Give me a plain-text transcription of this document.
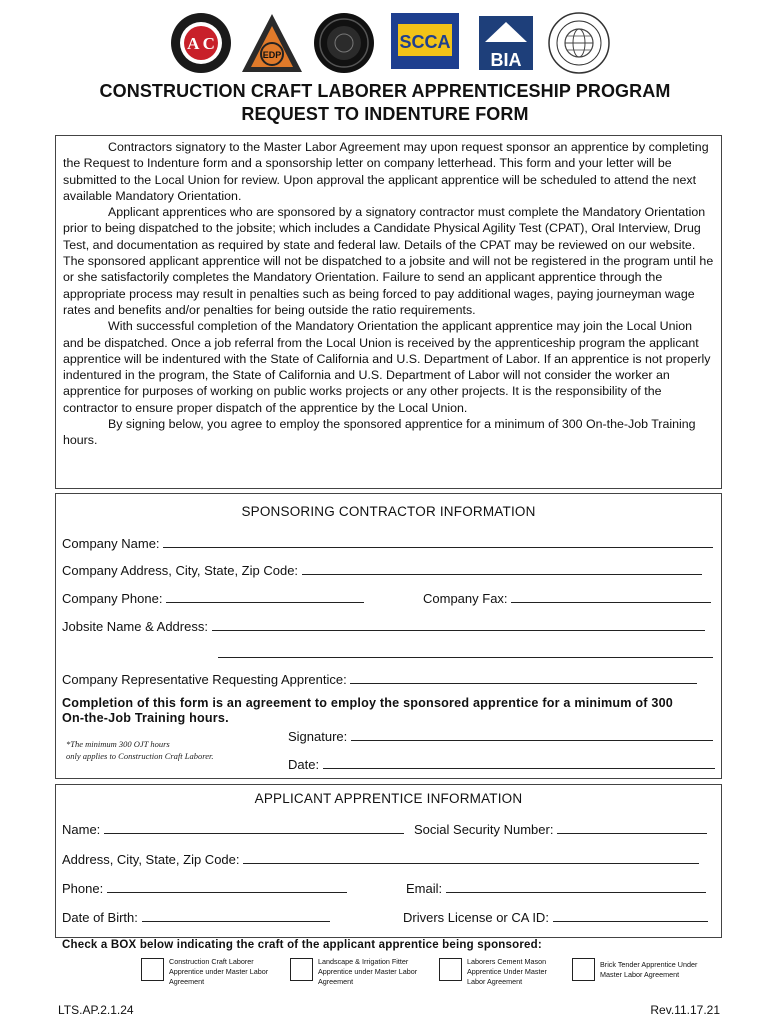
A C
EDP
SCCA
BIA
CONSTRUCTION CRAFT LABORER APPRENTICESHIP PROGRAM
REQUEST TO INDENTURE FORM

Contractors signatory to the Master Labor Agreement may upon request sponsor an apprentice by completing the Request to Indenture form and a sponsorship letter on company letterhead. This form and your letter will be submitted to the Local Union for review. Upon approval the applicant apprentice will be scheduled to attend the next available Mandatory Orientation.

Applicant apprentices who are sponsored by a signatory contractor must complete the Mandatory Orientation prior to being dispatched to the jobsite; which includes a Candidate Physical Agility Test (CPAT), Oral Interview, Drug Test, and documentation as required by state and federal law. Details of the CPAT may be reviewed on our website. The sponsored applicant apprentice will not be dispatched to a jobsite and will not be registered in the program until he or she satisfactorily completes the Mandatory Orientation. Failure to send an applicant apprentice through the appropriate process may result in penalties such as being forced to pay additional wages, paying journeyman wage rates and benefits and/or penalties for being outside the ratio requirements.

With successful completion of the Mandatory Orientation the applicant apprentice may join the Local Union and be dispatched. Once a job referral from the Local Union is received by the apprenticeship program the applicant apprentice will be indentured with the State of California and U.S. Department of Labor. If an apprentice is not properly indentured in the program, the State of California and U.S. Department of Labor will not consider the worker an apprentice for purposes of working on public works projects or any other projects. It is the responsibility of the contractor to ensure proper dispatch of the apprentice by the Local Union.

By signing below, you agree to employ the sponsored apprentice for a minimum of 300 On-the-Job Training hours.

SPONSORING CONTRACTOR INFORMATION
Company Name:
Company Address, City, State, Zip Code:
Company Phone:	Company Fax:
Jobsite Name & Address:
Company Representative Requesting Apprentice:
Completion of this form is an agreement to employ the sponsored apprentice for a minimum of 300
On-the-Job Training hours.
*The minimum 300 OJT hours
only applies to Construction Craft Laborer.
Signature:
Date:
APPLICANT APPRENTICE INFORMATION
Name:	Social Security Number:
Address, City, State, Zip Code:
Phone:	Email:
Date of Birth:	Drivers License or CA ID:
Check a BOX below indicating the craft of the applicant apprentice being sponsored:
Construction Craft Laborer Apprentice under Master Labor Agreement
Landscape & Irrigation Fitter Apprentice under Master Labor Agreement
Laborers Cement Mason Apprentice Under Master Labor Agreement
Brick Tender Apprentice Under Master Labor Agreement
LTS.AP.2.1.24	Rev.11.17.21
